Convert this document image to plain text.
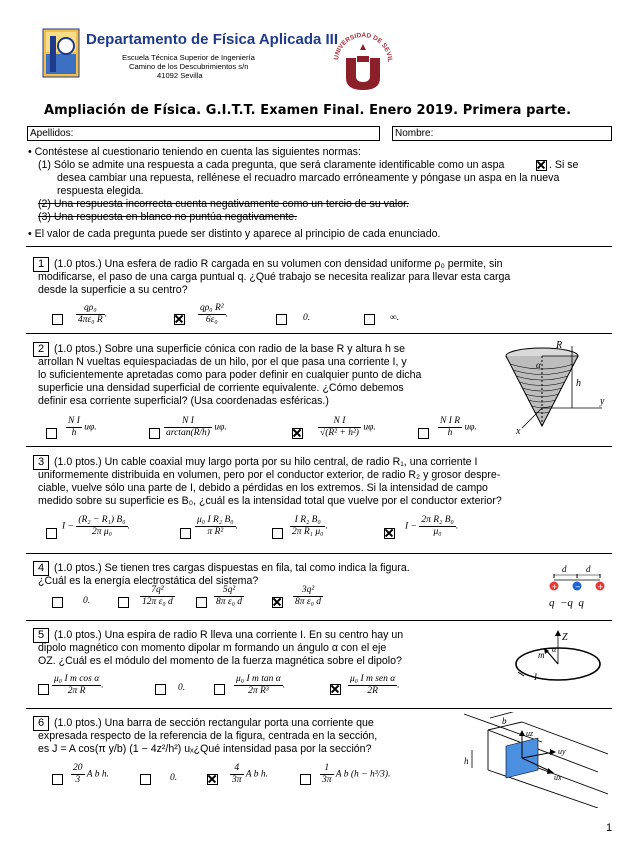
Departamento de Física Aplicada III
Escuela Técnica Superior de Ingeniería
Camino de los Descubrimientos s/n
41092 Sevilla
UNIVERSIDAD DE SEVIL
Ampliación de Física. G.I.T.T. Examen Final. Enero 2019. Primera parte.
Apellidos:	Nombre:
• Contéstese al cuestionario teniendo en cuenta las siguientes normas:
(1) Sólo se admite una respuesta a cada pregunta, que será claramente identificable como un aspa	. Si se
desea cambiar una repuesta, rellénese el recuadro marcado erróneamente y póngase un aspa en la nueva
respuesta elegida.
(2) Una respuesta incorrecta cuenta negativamente como un tercio de su valor.
(3) Una respuesta en blanco no puntúa negativamente.
• El valor de cada pregunta puede ser distinto y aparece al principio de cada enunciado.
1 (1.0 ptos.) Una esfera de radio R cargada en su volumen con densidad uniforme ρ₀ permite, sin
modificarse, el paso de una carga puntual q. ¿Qué trabajo se necesita realizar para llevar esta carga
desde la superficie a su centro?
$\frac{\text{qρ₀}}{\text{4πε₀ R}}$ .	$\frac{\text{qρ₀ R²}}{\text{6ε₀}}$ .	0.	∞.
2 (1.0 ptos.) Sobre una superficie cónica con radio de la base R y altura h se
arrollan N vueltas equiespaciadas de un hilo, por el que pasa una corriente I, y
lo suficientemente apretadas como para poder definir en cualquier punto de dicha
superficie una densidad superficial de corriente equivalente. ¿Cómo debemos
definir esa corriente superficial? (Usa coordenadas esféricas.)
$\frac{\text{N I}}{h} u\varphi$.	$\frac{\text{N I}}{\arctan(R/h)} u\varphi$.	$\frac{\text{N I}}{\text{√(R² + h²)}} u\varphi$.	$\frac{\text{N I R}}{h} u\varphi$.
R
h
α
y
x
3 (1.0 ptos.) Un cable coaxial muy largo porta por su hilo central, de radio R₁, una corriente I
uniformemente distribuida en volumen, pero por el conductor exterior, de radio R₂ y grosor despre-
ciable, vuelve sólo una parte de I, debido a pérdidas en los extremos. Si la intensidad de campo
medido sobre su superficie es B₀, ¿cuál es la intensidad total que vuelve por el conductor exterior?
$I - \frac{\text{(R₂ − R₁) B₀}}{\text{2π μ₀}}$ .	$\frac{\text{μ₀ I R₂ B₀}}{\text{π R²}}$ .	$\frac{\text{I R₂ B₀}}{\text{2π R₁ μ₀}}$ .	$I - \frac{\text{2π R₂ B₀}}{\text{μ₀}}$ .
4 (1.0 ptos.) Se tienen tres cargas dispuestas en fila, tal como indica la figura.
¿Cuál es la energía electrostática del sistema?
0.	$\frac{\text{7q²}}{\text{12π ε₀ d}}$	$\frac{\text{5q²}}{\text{8π ε₀ d}}$	$\frac{\text{3q²}}{\text{8π ε₀ d}}$
d d
+	− +
q  −q  q
5 (1.0 ptos.) Una espira de radio R lleva una corriente I. En su centro hay un
dipolo magnético con momento dipolar m formando un ángulo α con el eje
OZ. ¿Cuál es el módulo del momento de la fuerza magnética sobre el dipolo?
$\frac{\text{μ₀ I m cos α}}{\text{2π R}}$ .	0.	$\frac{\text{μ₀ I m tan α}}{\text{2π R³}}$ .	$\frac{\text{μ₀ I m sen α}}{2R}$ .
Z
m
α
I
6 (1.0 ptos.) Una barra de sección rectangular porta una corriente que
expresada respecto de la referencia de la figura, centrada en la sección,
es J = A cos(π y/b) (1 − 4z²/h²) uₓ¿Qué intensidad pasa por la sección?
$\frac{20}{3}$ A b h.	0.	$\frac{4}{3\pi}$ A b h.	$\frac{1}{3\pi}$ A b (h − h³/3).
b
h
uz
uy
ux
1
